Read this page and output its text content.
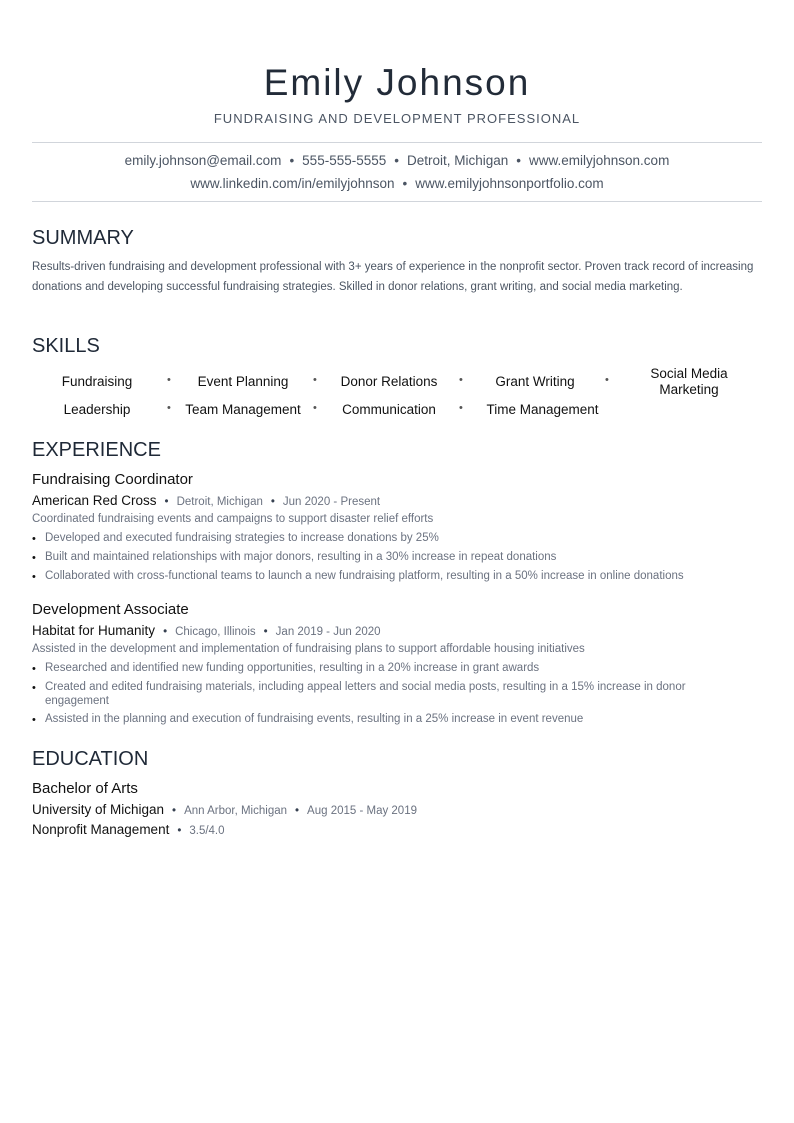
Emily Johnson
FUNDRAISING AND DEVELOPMENT PROFESSIONAL
emily.johnson@email.com • 555-555-5555 • Detroit, Michigan • www.emilyjohnson.com
www.linkedin.com/in/emilyjohnson • www.emilyjohnsonportfolio.com
SUMMARY
Results-driven fundraising and development professional with 3+ years of experience in the nonprofit sector. Proven track record of increasing donations and developing successful fundraising strategies. Skilled in donor relations, grant writing, and social media marketing.
SKILLS
Fundraising	•	Event Planning	•	Donor Relations	•	Grant Writing	•	Social Media Marketing
Leadership	•	Team Management	•	Communication	•	Time Management
EXPERIENCE
Fundraising Coordinator
American Red Cross • Detroit, Michigan • Jun 2020 - Present
Coordinated fundraising events and campaigns to support disaster relief efforts
• Developed and executed fundraising strategies to increase donations by 25%
• Built and maintained relationships with major donors, resulting in a 30% increase in repeat donations
• Collaborated with cross-functional teams to launch a new fundraising platform, resulting in a 50% increase in online donations
Development Associate
Habitat for Humanity • Chicago, Illinois • Jan 2019 - Jun 2020
Assisted in the development and implementation of fundraising plans to support affordable housing initiatives
• Researched and identified new funding opportunities, resulting in a 20% increase in grant awards
• Created and edited fundraising materials, including appeal letters and social media posts, resulting in a 15% increase in donor engagement
• Assisted in the planning and execution of fundraising events, resulting in a 25% increase in event revenue
EDUCATION
Bachelor of Arts
University of Michigan • Ann Arbor, Michigan • Aug 2015 - May 2019
Nonprofit Management • 3.5/4.0
